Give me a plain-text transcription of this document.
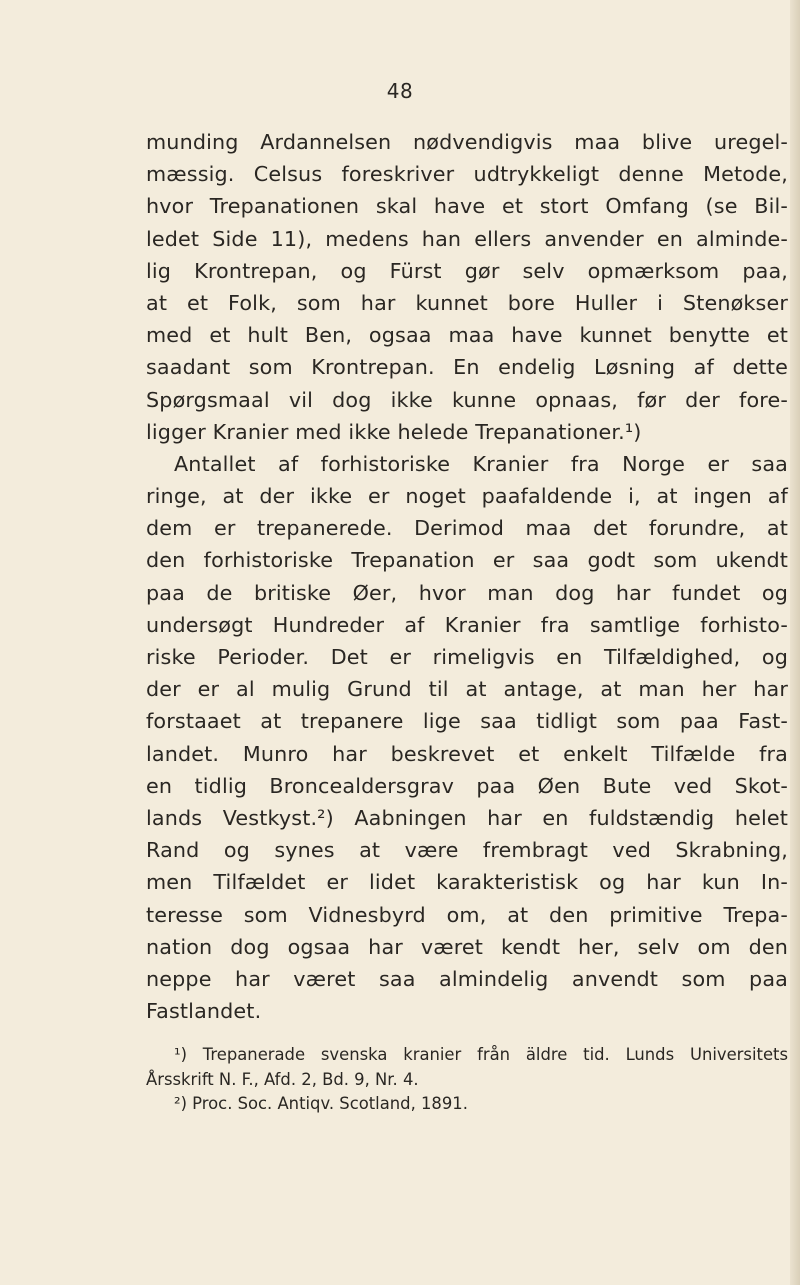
48
munding Ardannelsen nødvendigvis maa blive uregel-
mæssig. Celsus foreskriver udtrykkeligt denne Metode,
hvor Trepanationen skal have et stort Omfang (se Bil-
ledet Side 11), medens han ellers anvender en alminde-
lig Krontrepan, og Fürst gør selv opmærksom paa,
at et Folk, som har kunnet bore Huller i Stenøkser
med et hult Ben, ogsaa maa have kunnet benytte et
saadant som Krontrepan. En endelig Løsning af dette
Spørgsmaal vil dog ikke kunne opnaas, før der fore-
ligger Kranier med ikke helede Trepanationer.¹)
Antallet af forhistoriske Kranier fra Norge er saa
ringe, at der ikke er noget paafaldende i, at ingen af
dem er trepanerede. Derimod maa det forundre, at
den forhistoriske Trepanation er saa godt som ukendt
paa de britiske Øer, hvor man dog har fundet og
undersøgt Hundreder af Kranier fra samtlige forhisto-
riske Perioder. Det er rimeligvis en Tilfældighed, og
der er al mulig Grund til at antage, at man her har
forstaaet at trepanere lige saa tidligt som paa Fast-
landet. Munro har beskrevet et enkelt Tilfælde fra
en tidlig Broncealdersgrav paa Øen Bute ved Skot-
lands Vestkyst.²) Aabningen har en fuldstændig helet
Rand og synes at være frembragt ved Skrabning,
men Tilfældet er lidet karakteristisk og har kun In-
teresse som Vidnesbyrd om, at den primitive Trepa-
nation dog ogsaa har været kendt her, selv om den
neppe har været saa almindelig anvendt som paa
Fastlandet.
¹) Trepanerade svenska kranier från äldre tid. Lunds Universitets
Årsskrift N. F., Afd. 2, Bd. 9, Nr. 4.
²) Proc. Soc. Antiqv. Scotland, 1891.
